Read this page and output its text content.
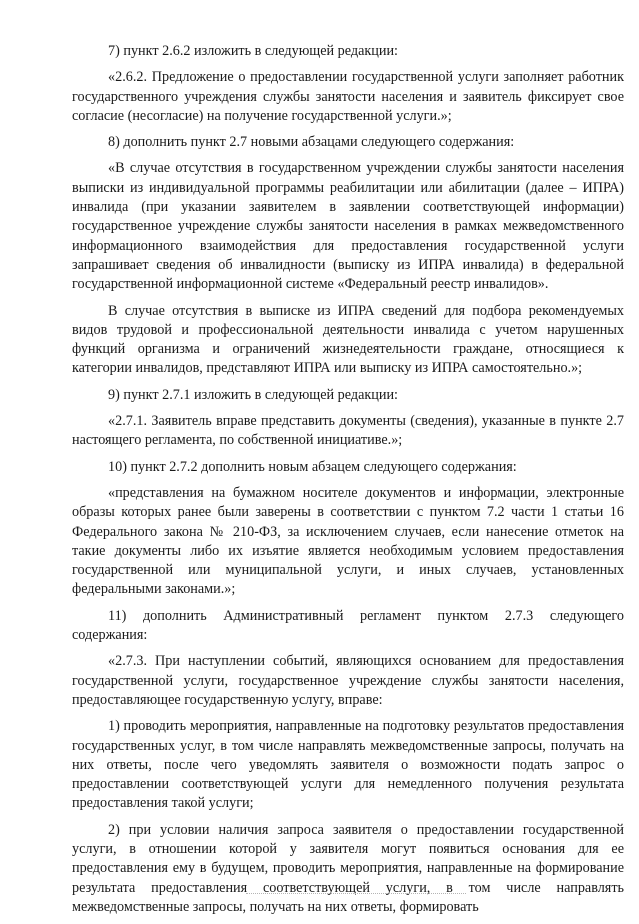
7) пункт 2.6.2 изложить в следующей редакции:

«2.6.2. Предложение о предоставлении государственной услуги заполняет работник государственного учреждения службы занятости населения и заявитель фиксирует свое согласие (несогласие) на получение государственной услуги.»;

8) дополнить пункт 2.7 новыми абзацами следующего содержания:

«В случае отсутствия в государственном учреждении службы занятости населения выписки из индивидуальной программы реабилитации или абилитации (далее – ИПРА) инвалида (при указании заявителем в заявлении соответствующей информации) государственное учреждение службы занятости населения в рамках межведомственного информационного взаимодействия для предоставления государственной услуги запрашивает сведения об инвалидности (выписку из ИПРА инвалида) в федеральной государственной информационной системе «Федеральный реестр инвалидов».

В случае отсутствия в выписке из ИПРА сведений для подбора рекомендуемых видов трудовой и профессиональной деятельности инвалида с учетом нарушенных функций организма и ограничений жизнедеятельности граждане, относящиеся к категории инвалидов, представляют ИПРА или выписку из ИПРА самостоятельно.»;

9) пункт 2.7.1 изложить в следующей редакции:

«2.7.1. Заявитель вправе представить документы (сведения), указанные в пункте 2.7 настоящего регламента, по собственной инициативе.»;

10) пункт 2.7.2 дополнить новым абзацем следующего содержания:

«представления на бумажном носителе документов и информации, электронные образы которых ранее были заверены в соответствии с пунктом 7.2 части 1 статьи 16 Федерального закона № 210-ФЗ, за исключением случаев, если нанесение отметок на такие документы либо их изъятие является необходимым условием предоставления государственной или муниципальной услуги, и иных случаев, установленных федеральными законами.»;

11) дополнить Административный регламент пунктом 2.7.3 следующего содержания:

«2.7.3. При наступлении событий, являющихся основанием для предоставления государственной услуги, государственное учреждение службы занятости населения, предоставляющее государственную услугу, вправе:

1) проводить мероприятия, направленные на подготовку результатов предоставления государственных услуг, в том числе направлять межведомственные запросы, получать на них ответы, после чего уведомлять заявителя о возможности подать запрос о предоставлении соответствующей услуги для немедленного получения результата предоставления такой услуги;

2) при условии наличия запроса заявителя о предоставлении государственной услуги, в отношении которой у заявителя могут появиться основания для ее предоставления ему в будущем, проводить мероприятия, направленные на формирование результата предоставления соответствующей услуги, в том числе направлять межведомственные запросы, получать на них ответы, формировать
